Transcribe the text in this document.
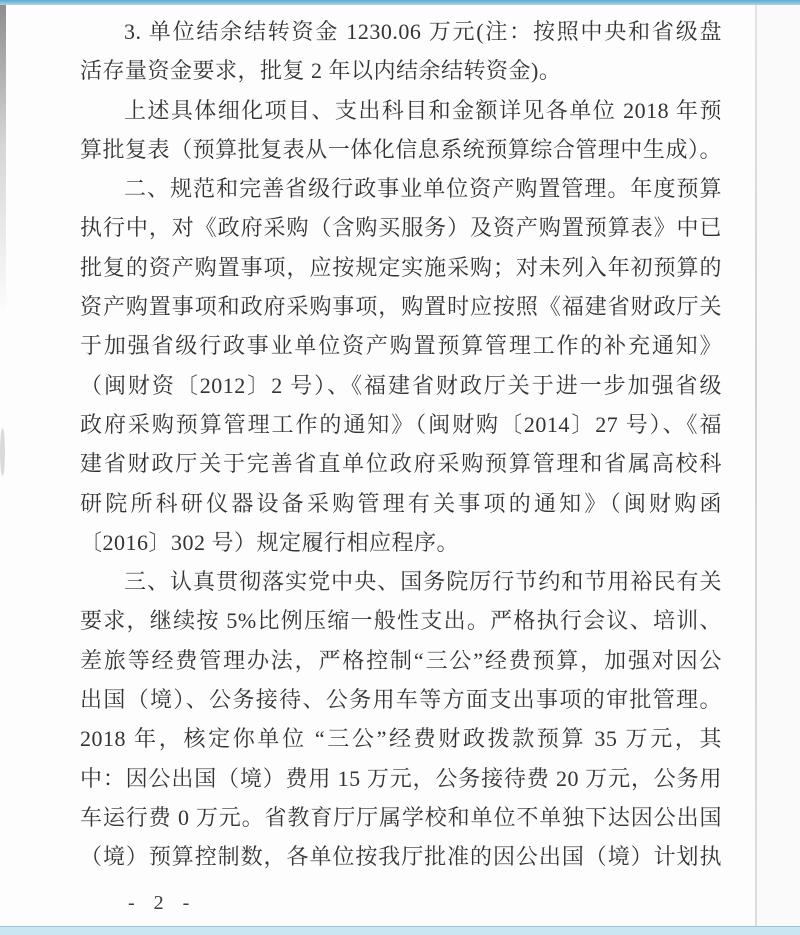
3. 单位结余结转资金 1230.06 万元(注：按照中央和省级盘
活存量资金要求，批复 2 年以内结余结转资金)。
上述具体细化项目、支出科目和金额详见各单位 2018 年预
算批复表（预算批复表从一体化信息系统预算综合管理中生成）。
二、规范和完善省级行政事业单位资产购置管理。年度预算
执行中，对《政府采购（含购买服务）及资产购置预算表》中已
批复的资产购置事项，应按规定实施采购；对未列入年初预算的
资产购置事项和政府采购事项，购置时应按照《福建省财政厅关
于加强省级行政事业单位资产购置预算管理工作的补充通知》
（闽财资〔2012〕2 号）、《福建省财政厅关于进一步加强省级
政府采购预算管理工作的通知》（闽财购〔2014〕27 号）、《福
建省财政厅关于完善省直单位政府采购预算管理和省属高校科
研院所科研仪器设备采购管理有关事项的通知》（闽财购函
〔2016〕302 号）规定履行相应程序。
三、认真贯彻落实党中央、国务院厉行节约和节用裕民有关
要求，继续按 5%比例压缩一般性支出。严格执行会议、培训、
差旅等经费管理办法，严格控制“三公”经费预算，加强对因公
出国（境）、公务接待、公务用车等方面支出事项的审批管理。
2018 年，核定你单位 “三公”经费财政拨款预算 35 万元，其
中：因公出国（境）费用 15 万元，公务接待费 20 万元，公务用
车运行费 0 万元。省教育厅厅属学校和单位不单独下达因公出国
（境）预算控制数，各单位按我厅批准的因公出国（境）计划执
- 2 -
